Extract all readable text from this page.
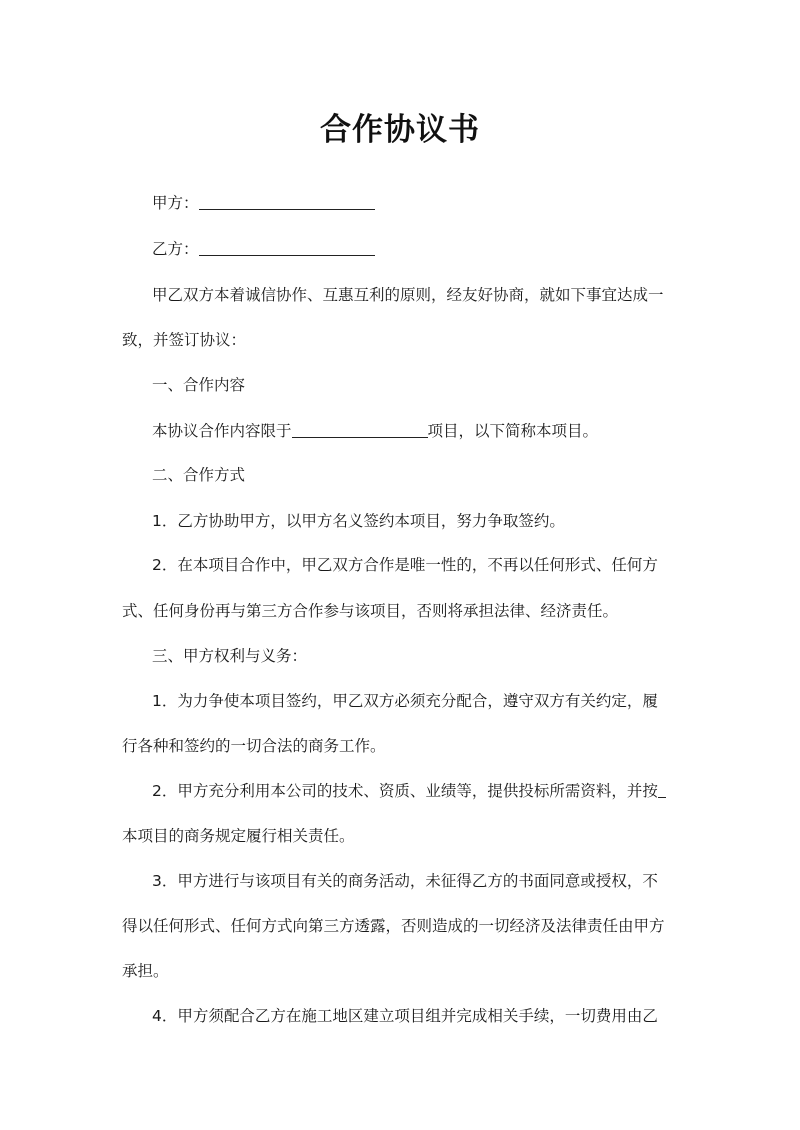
合作协议书
甲方：
乙方：
甲乙双方本着诚信协作、互惠互利的原则，经友好协商，就如下事宜达成一
致，并签订协议：
一、合作内容
本协议合作内容限于	项目，以下简称本项目。
二、合作方式
1．乙方协助甲方，以甲方名义签约本项目，努力争取签约。
2．在本项目合作中，甲乙双方合作是唯一性的，不再以任何形式、任何方
式、任何身份再与第三方合作参与该项目，否则将承担法律、经济责任。
三、甲方权利与义务：
1．为力争使本项目签约，甲乙双方必须充分配合，遵守双方有关约定，履
行各种和签约的一切合法的商务工作。
2．甲方充分利用本公司的技术、资质、业绩等，提供投标所需资料，并按
本项目的商务规定履行相关责任。
3．甲方进行与该项目有关的商务活动，未征得乙方的书面同意或授权，不
得以任何形式、任何方式向第三方透露，否则造成的一切经济及法律责任由甲方
承担。
4．甲方须配合乙方在施工地区建立项目组并完成相关手续，一切费用由乙
